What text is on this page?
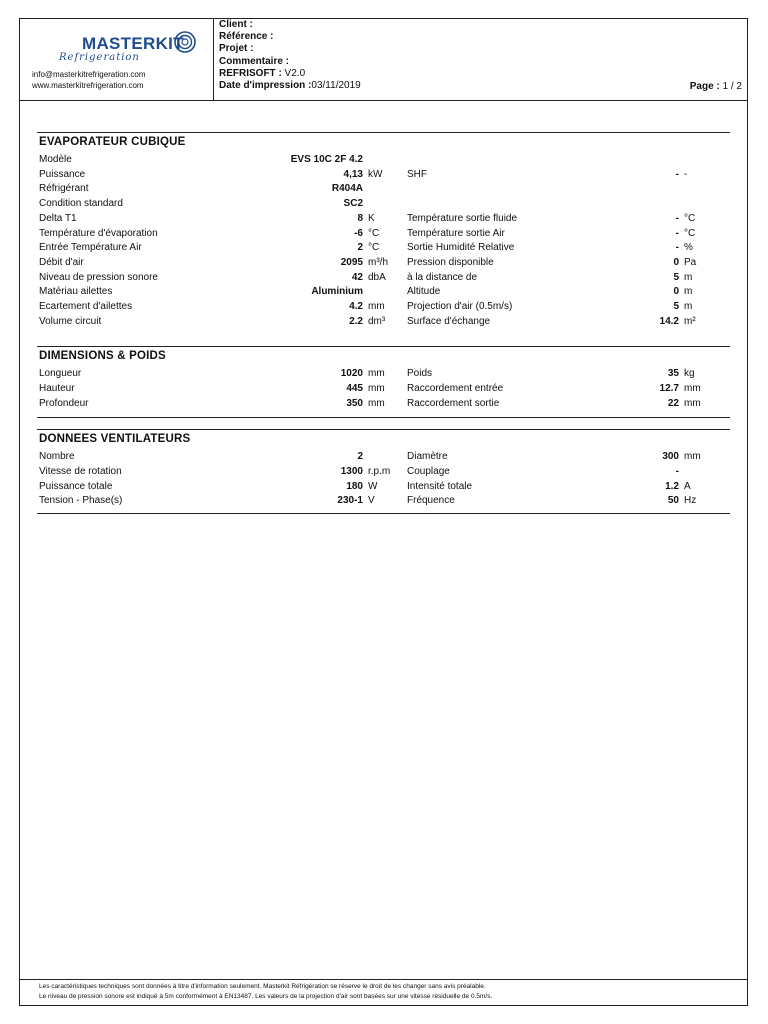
MASTERKIT
Refrigeration
info@masterkitrefrigeration.com
www.masterkitrefrigeration.com
Client :
Référence :
Projet :
Commentaire :
REFRISOFT : V2.0
Date d'impression :03/11/2019	Page : 1 / 2
EVAPORATEUR CUBIQUE
Modèle	EVS 10C 2F 4.2
Puissance	4,13 kW SHF	- -
Réfrigérant	R404A
Condition standard	SC2
Delta T1	8 K	Température sortie fluide	- °C
Température d'évaporation	-6 °C	Température sortie Air	- °C
Entrée Température Air	2 °C	Sortie Humidité Relative	- %
Débit d'air	2095 m³/h Pression disponible	0 Pa
Niveau de pression sonore	42 dbA à la distance de	5 m
Matériau ailettes	Aluminium	Altitude	0 m
Ecartement d'ailettes	4.2 mm Projection d'air (0.5m/s)	5 m
Volume circuit	2.2 dm³ Surface d'échange	14.2 m²
DIMENSIONS & POIDS
Longueur	1020 mm Poids	35 kg
Hauteur	445 mm Raccordement entrée	12.7 mm
Profondeur	350 mm Raccordement sortie	22 mm
DONNEES VENTILATEURS
Nombre	2	Diamètre	300 mm
Vitesse de rotation	1300 r.p.m Couplage	-
Puissance totale	180 W	Intensité totale	1.2 A
Tension - Phase(s)	230-1 V	Fréquence	50 Hz
Les caractéristiques techniques sont données à titre d'information seulement. Masterkit Réfrigération se réserve le droit de les changer sans avis préalable.
Le niveau de pression sonore est indiqué à 5m conformément à EN13487. Les valeurs de la projection d'air sont basées sur une vitesse résiduelle de 0.5m/s.
